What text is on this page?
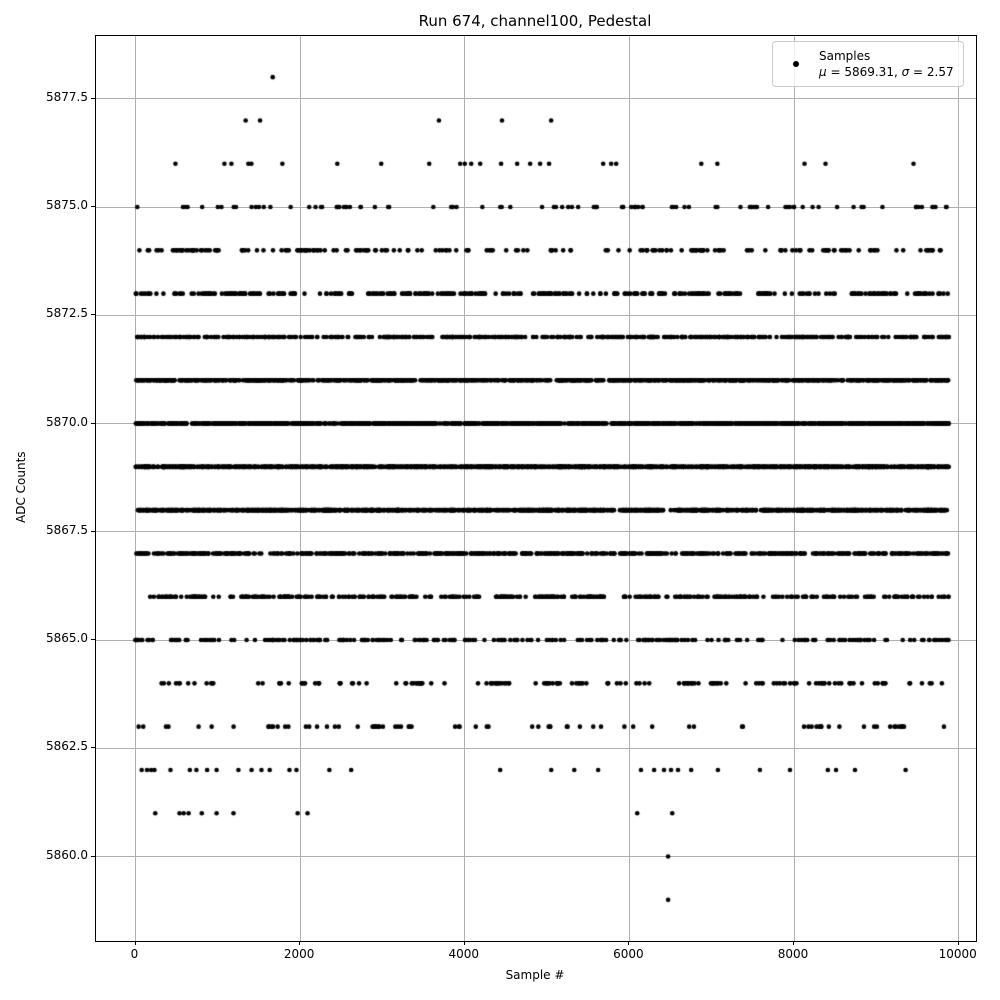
Run 674, channel100, Pedestal
Sample #
ADC Counts
Samples
μ = 5869.31, σ = 2.57
0	2000	4000	6000	8000	10000
5860.0
5862.5
5865.0
5867.5
5870.0
5872.5
5875.0
5877.5
